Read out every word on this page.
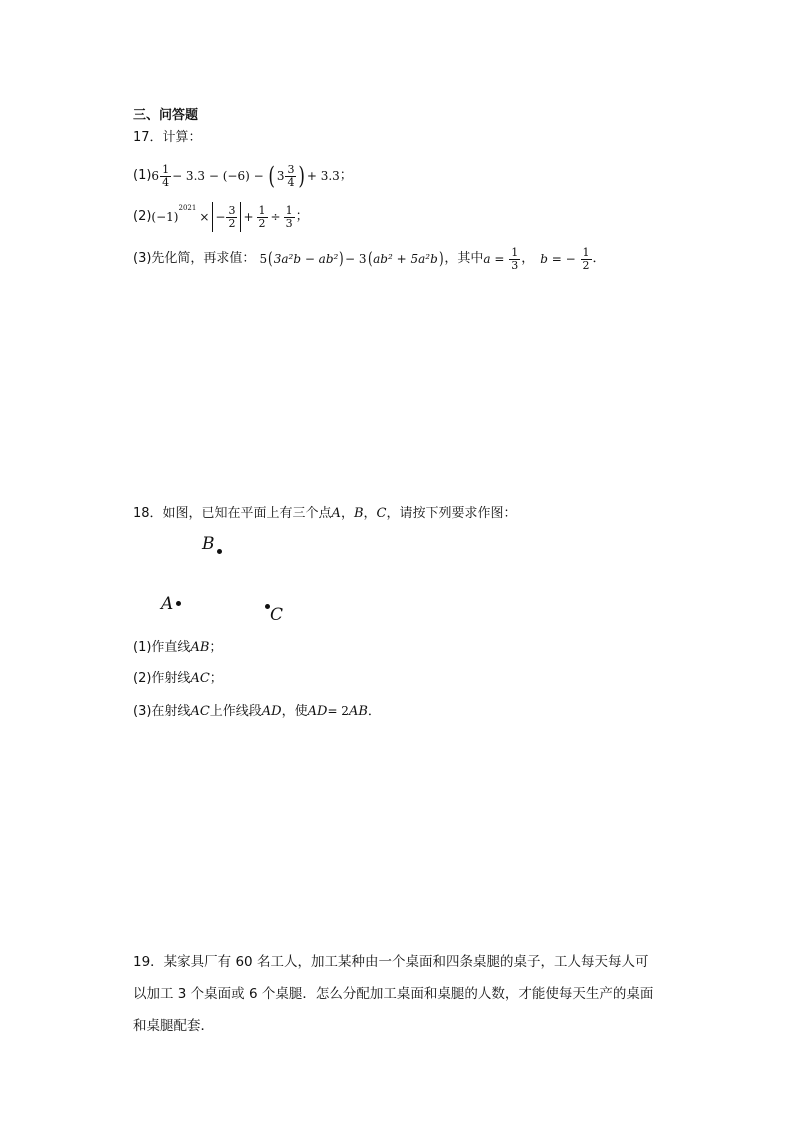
三、问答题
17．计算：
(1) $6 \frac{1}{4} - 3.3 - (-6)$ − ( $3 \frac{3}{4}$ ) + 3.3 ；
(2) (−1)
$^{2021}$
× − $\frac{3}{2} + \frac{1}{2} \div \frac{1}{3}$ ；
(3) 先化简，再求值： 5 ( 3a²b − ab² ) − 3 ( ab² + 5a²b ) ，其中 $a = \frac{1}{3}$ ， b = − $\frac{1}{2}$ ．
18．如图，已知在平面上有三个点A，B，C，请按下列要求作图：
B
A
C
(1)作直线AB；
(2)作射线AC；
(3)在射线AC上作线段AD，使AD= 2AB．
19．某家具厂有 60 名工人，加工某种由一个桌面和四条桌腿的桌子，工人每天每人可
以加工 3 个桌面或 6 个桌腿．怎么分配加工桌面和桌腿的人数，才能使每天生产的桌面
和桌腿配套．
